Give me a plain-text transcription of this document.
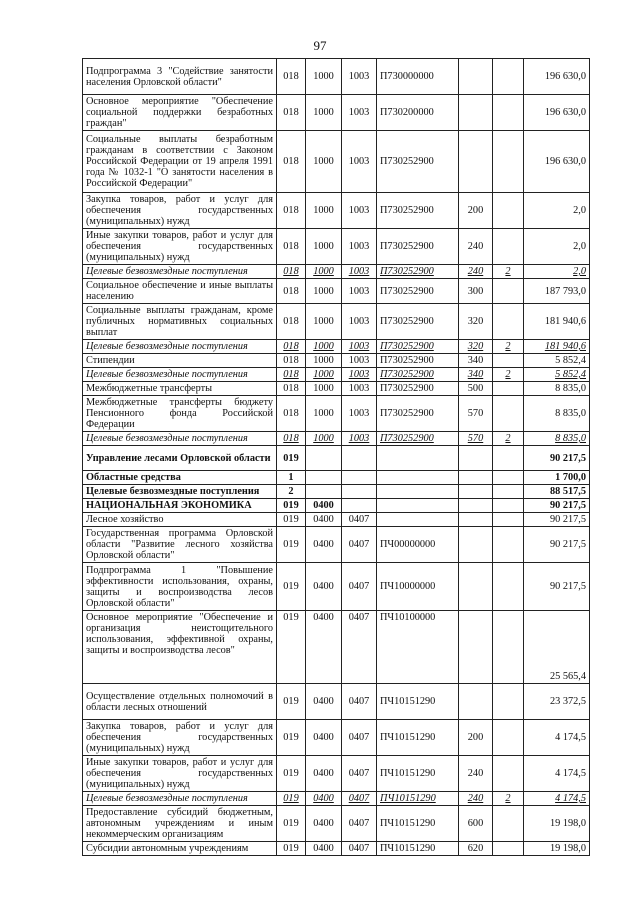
97
Подпрограмма 3 "Содействие занятости населения Орловской области"	018	1000	1003	П730000000			196 630,0
Основное мероприятие "Обеспечение социальной поддержки безработных граждан"	018	1000	1003	П730200000			196 630,0
Социальные выплаты безработным гражданам в соответствии с Законом Российской Федерации от 19 апреля 1991 года № 1032-1 "О занятости населения в Российской Федерации"	018	1000	1003	П730252900			196 630,0
Закупка товаров, работ и услуг для обеспечения государственных (муниципальных) нужд	018	1000	1003	П730252900	200		2,0
Иные закупки товаров, работ и услуг для обеспечения государственных (муниципальных) нужд	018	1000	1003	П730252900	240		2,0
Целевые безвозмездные поступления	018	1000	1003	П730252900	240	2	2,0
Социальное обеспечение и иные выплаты населению	018	1000	1003	П730252900	300		187 793,0
Социальные выплаты гражданам, кроме публичных нормативных социальных выплат	018	1000	1003	П730252900	320		181 940,6
Целевые безвозмездные поступления	018	1000	1003	П730252900	320	2	181 940,6
Стипендии	018	1000	1003	П730252900	340		5 852,4
Целевые безвозмездные поступления	018	1000	1003	П730252900	340	2	5 852,4
Межбюджетные трансферты	018	1000	1003	П730252900	500		8 835,0
Межбюджетные трансферты бюджету Пенсионного фонда Российской Федерации	018	1000	1003	П730252900	570		8 835,0
Целевые безвозмездные поступления	018	1000	1003	П730252900	570	2	8 835,0
Управление лесами Орловской области	019						90 217,5
Областные средства	1						1 700,0
Целевые безвозмездные поступления	2						88 517,5
НАЦИОНАЛЬНАЯ ЭКОНОМИКА	019	0400					90 217,5
Лесное хозяйство	019	0400	0407				90 217,5
Государственная программа Орловской области "Развитие лесного хозяйства Орловской области"	019	0400	0407	ПЧ00000000			90 217,5
Подпрограмма 1 "Повышение эффективности использования, охраны, защиты и воспроизводства лесов Орловской области"	019	0400	0407	ПЧ10000000			90 217,5
Основное мероприятие "Обеспечение и организация неистощительного использования, эффективной охраны, защиты и воспроизводства лесов"	019	0400	0407	ПЧ10100000			25 565,4
Осуществление отдельных полномочий в области лесных отношений	019	0400	0407	ПЧ10151290			23 372,5
Закупка товаров, работ и услуг для обеспечения государственных (муниципальных) нужд	019	0400	0407	ПЧ10151290	200		4 174,5
Иные закупки товаров, работ и услуг для обеспечения государственных (муниципальных) нужд	019	0400	0407	ПЧ10151290	240		4 174,5
Целевые безвозмездные поступления	019	0400	0407	ПЧ10151290	240	2	4 174,5
Предоставление субсидий бюджетным, автономным учреждениям и иным некоммерческим организациям	019	0400	0407	ПЧ10151290	600		19 198,0
Субсидии автономным учреждениям	019	0400	0407	ПЧ10151290	620		19 198,0
